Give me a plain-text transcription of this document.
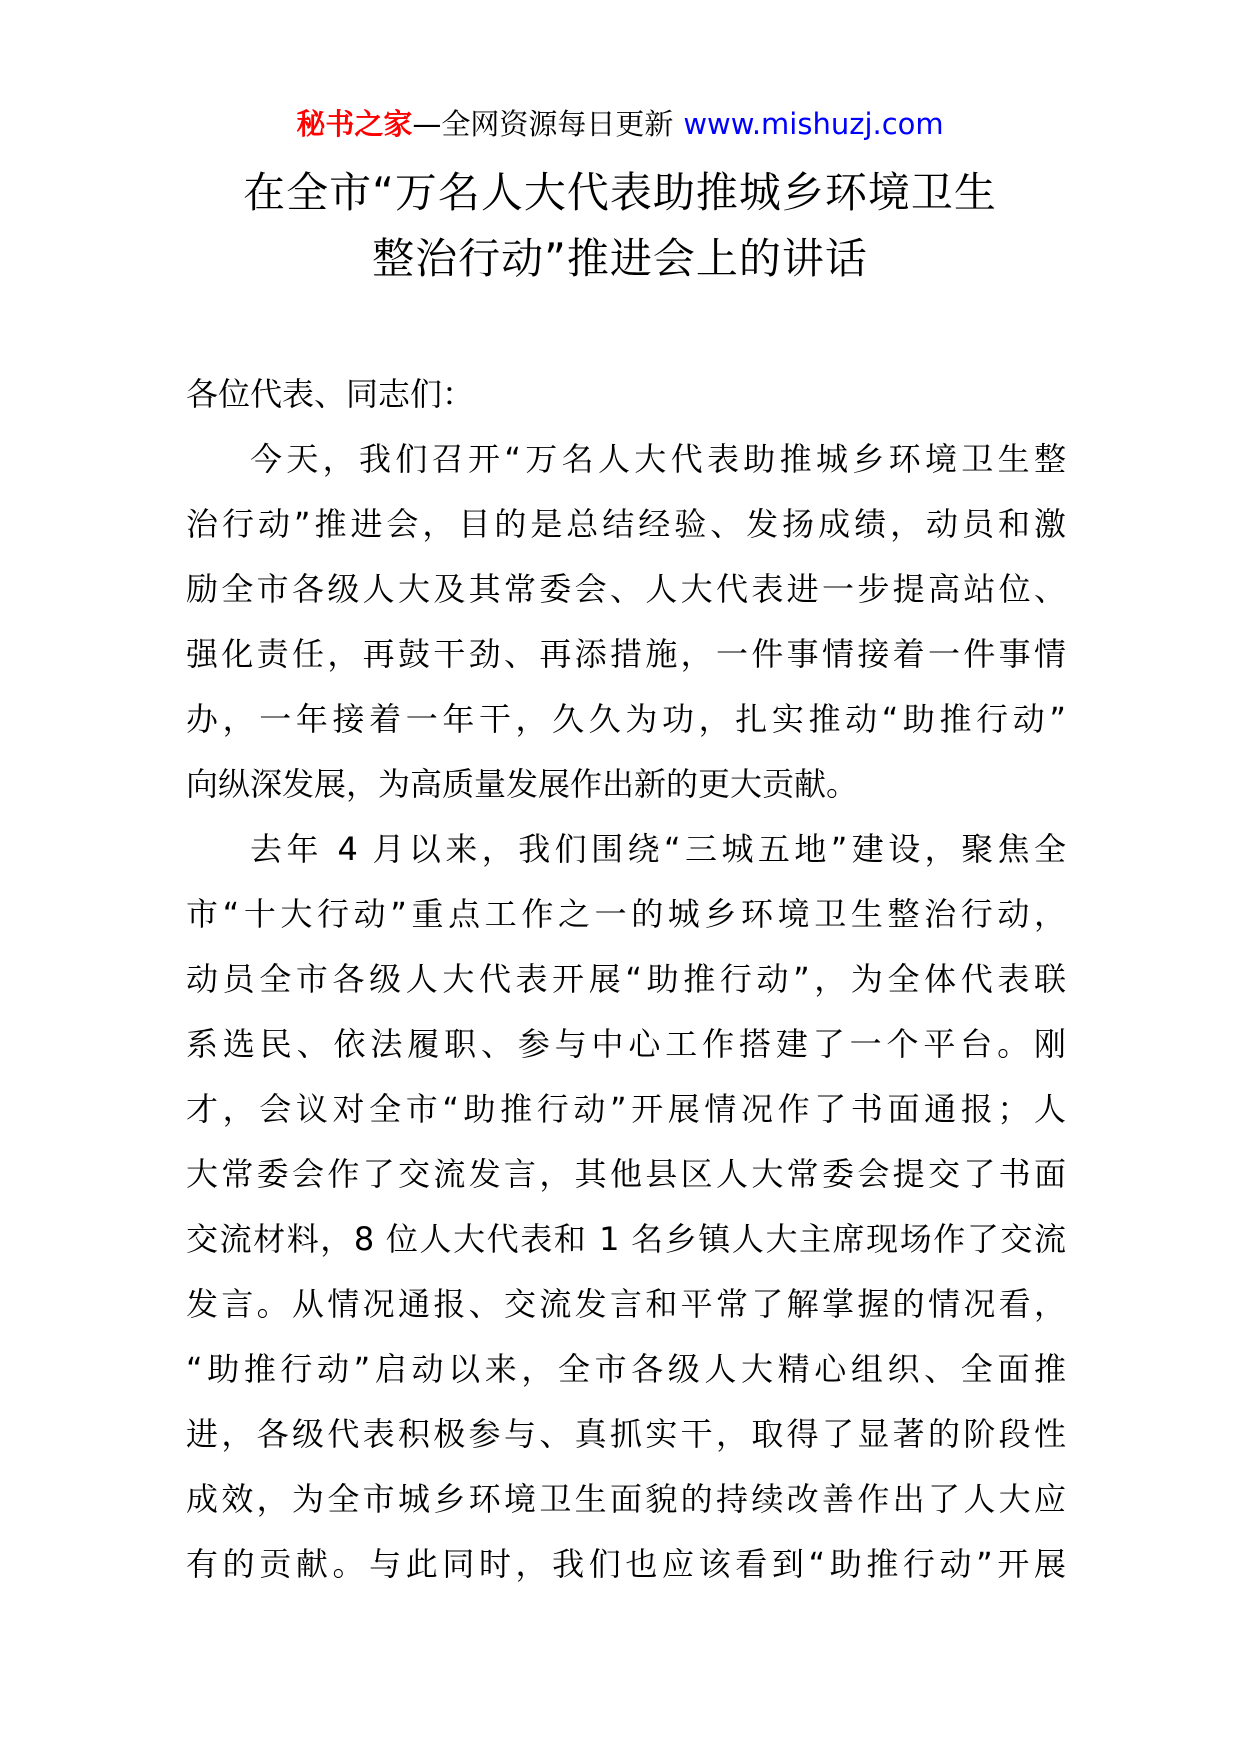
秘书之家—全网资源每日更新 www.mishuzj.com
在全市“万名人大代表助推城乡环境卫生
整治行动”推进会上的讲话
各位代表、同志们：
今天，我们召开“万名人大代表助推城乡环境卫生整
治行动”推进会，目的是总结经验、发扬成绩，动员和激
励全市各级人大及其常委会、人大代表进一步提高站位、
强化责任，再鼓干劲、再添措施，一件事情接着一件事情
办，一年接着一年干，久久为功，扎实推动“助推行动”
向纵深发展，为高质量发展作出新的更大贡献。
去年 4 月以来，我们围绕“三城五地”建设，聚焦全
市“十大行动”重点工作之一的城乡环境卫生整治行动，
动员全市各级人大代表开展“助推行动”，为全体代表联
系选民、依法履职、参与中心工作搭建了一个平台。刚
才，会议对全市“助推行动”开展情况作了书面通报；人
大常委会作了交流发言，其他县区人大常委会提交了书面
交流材料，8 位人大代表和 1 名乡镇人大主席现场作了交流
发言。从情况通报、交流发言和平常了解掌握的情况看，
“助推行动”启动以来，全市各级人大精心组织、全面推
进，各级代表积极参与、真抓实干，取得了显著的阶段性
成效，为全市城乡环境卫生面貌的持续改善作出了人大应
有的贡献。与此同时，我们也应该看到“助推行动”开展
